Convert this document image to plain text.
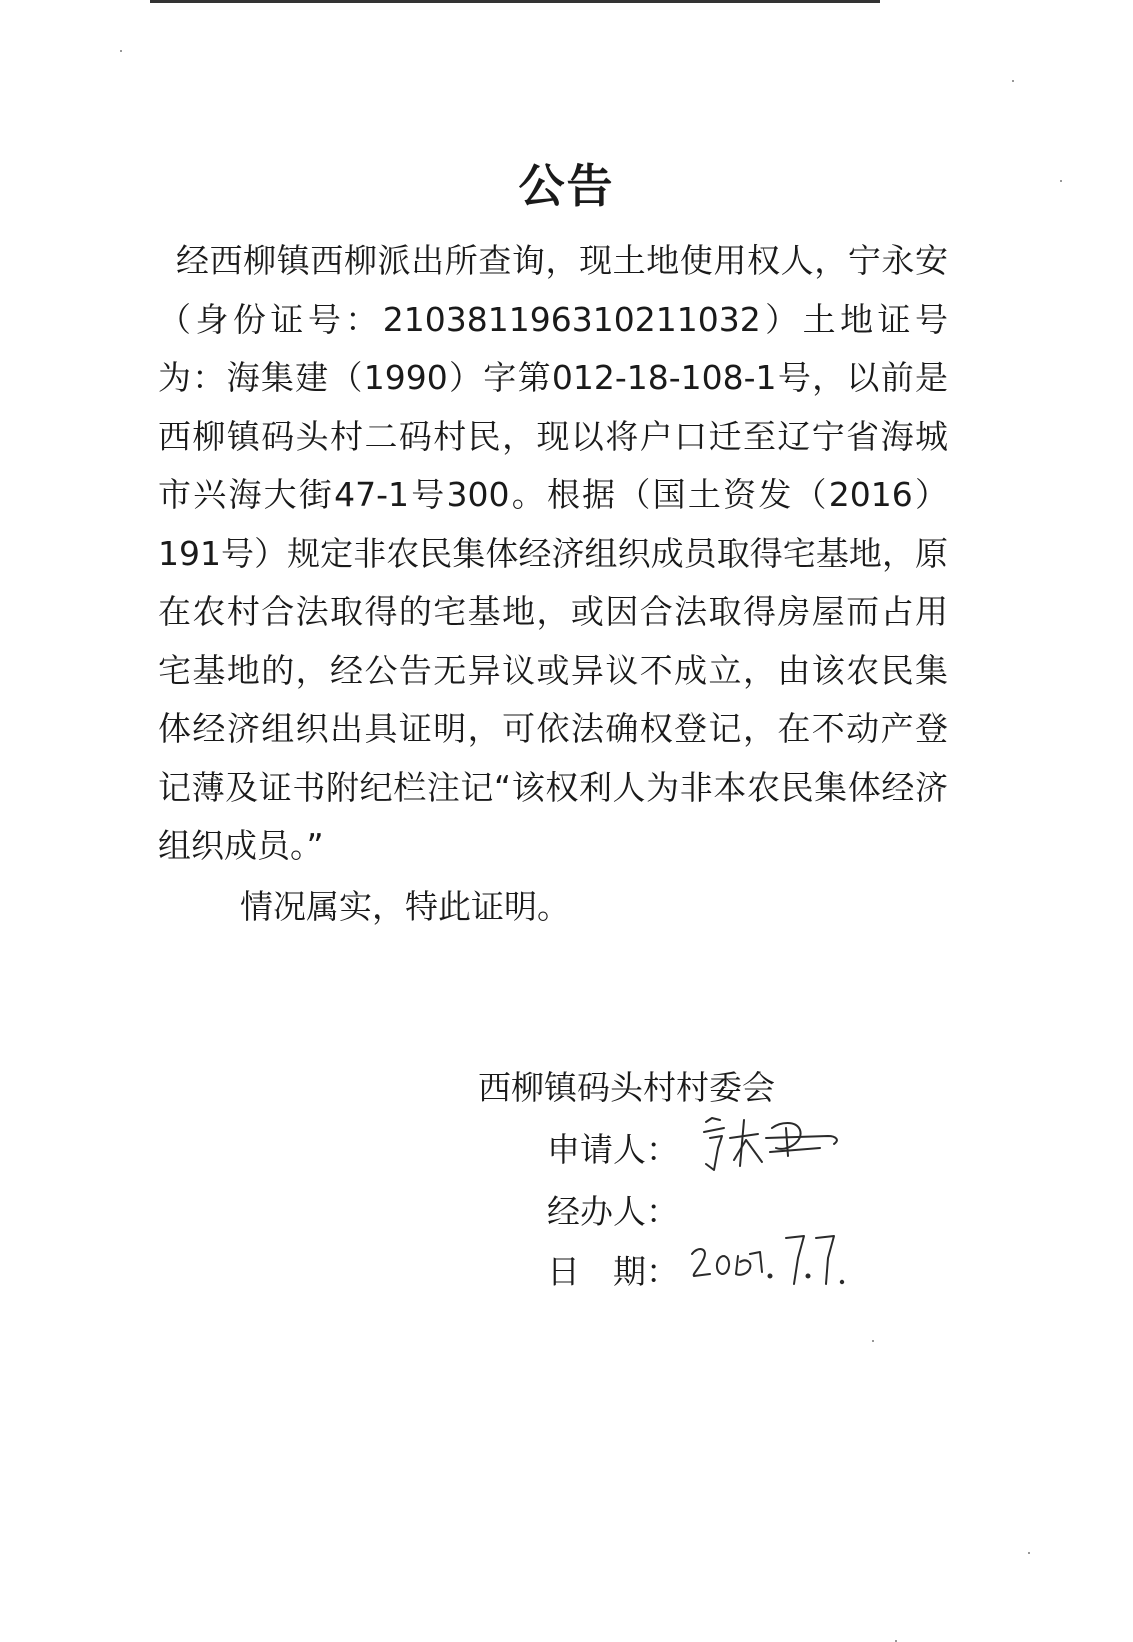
公告
经西柳镇西柳派出所查询，现土地使用权人，宁永安（身份证号：210381196310211032）土地证号为：海集建（1990）字第012-18-108-1号，以前是西柳镇码头村二码村民，现以将户口迁至辽宁省海城市兴海大街47-1号300。根据（国土资发（2016）191号）规定非农民集体经济组织成员取得宅基地，原在农村合法取得的宅基地，或因合法取得房屋而占用宅基地的，经公告无异议或异议不成立，由该农民集体经济组织出具证明，可依法确权登记，在不动产登记薄及证书附纪栏注记“该权利人为非本农民集体经济组织成员。”
情况属实，特此证明。
西柳镇码头村村委会
申请人：
经办人：
日　期：
